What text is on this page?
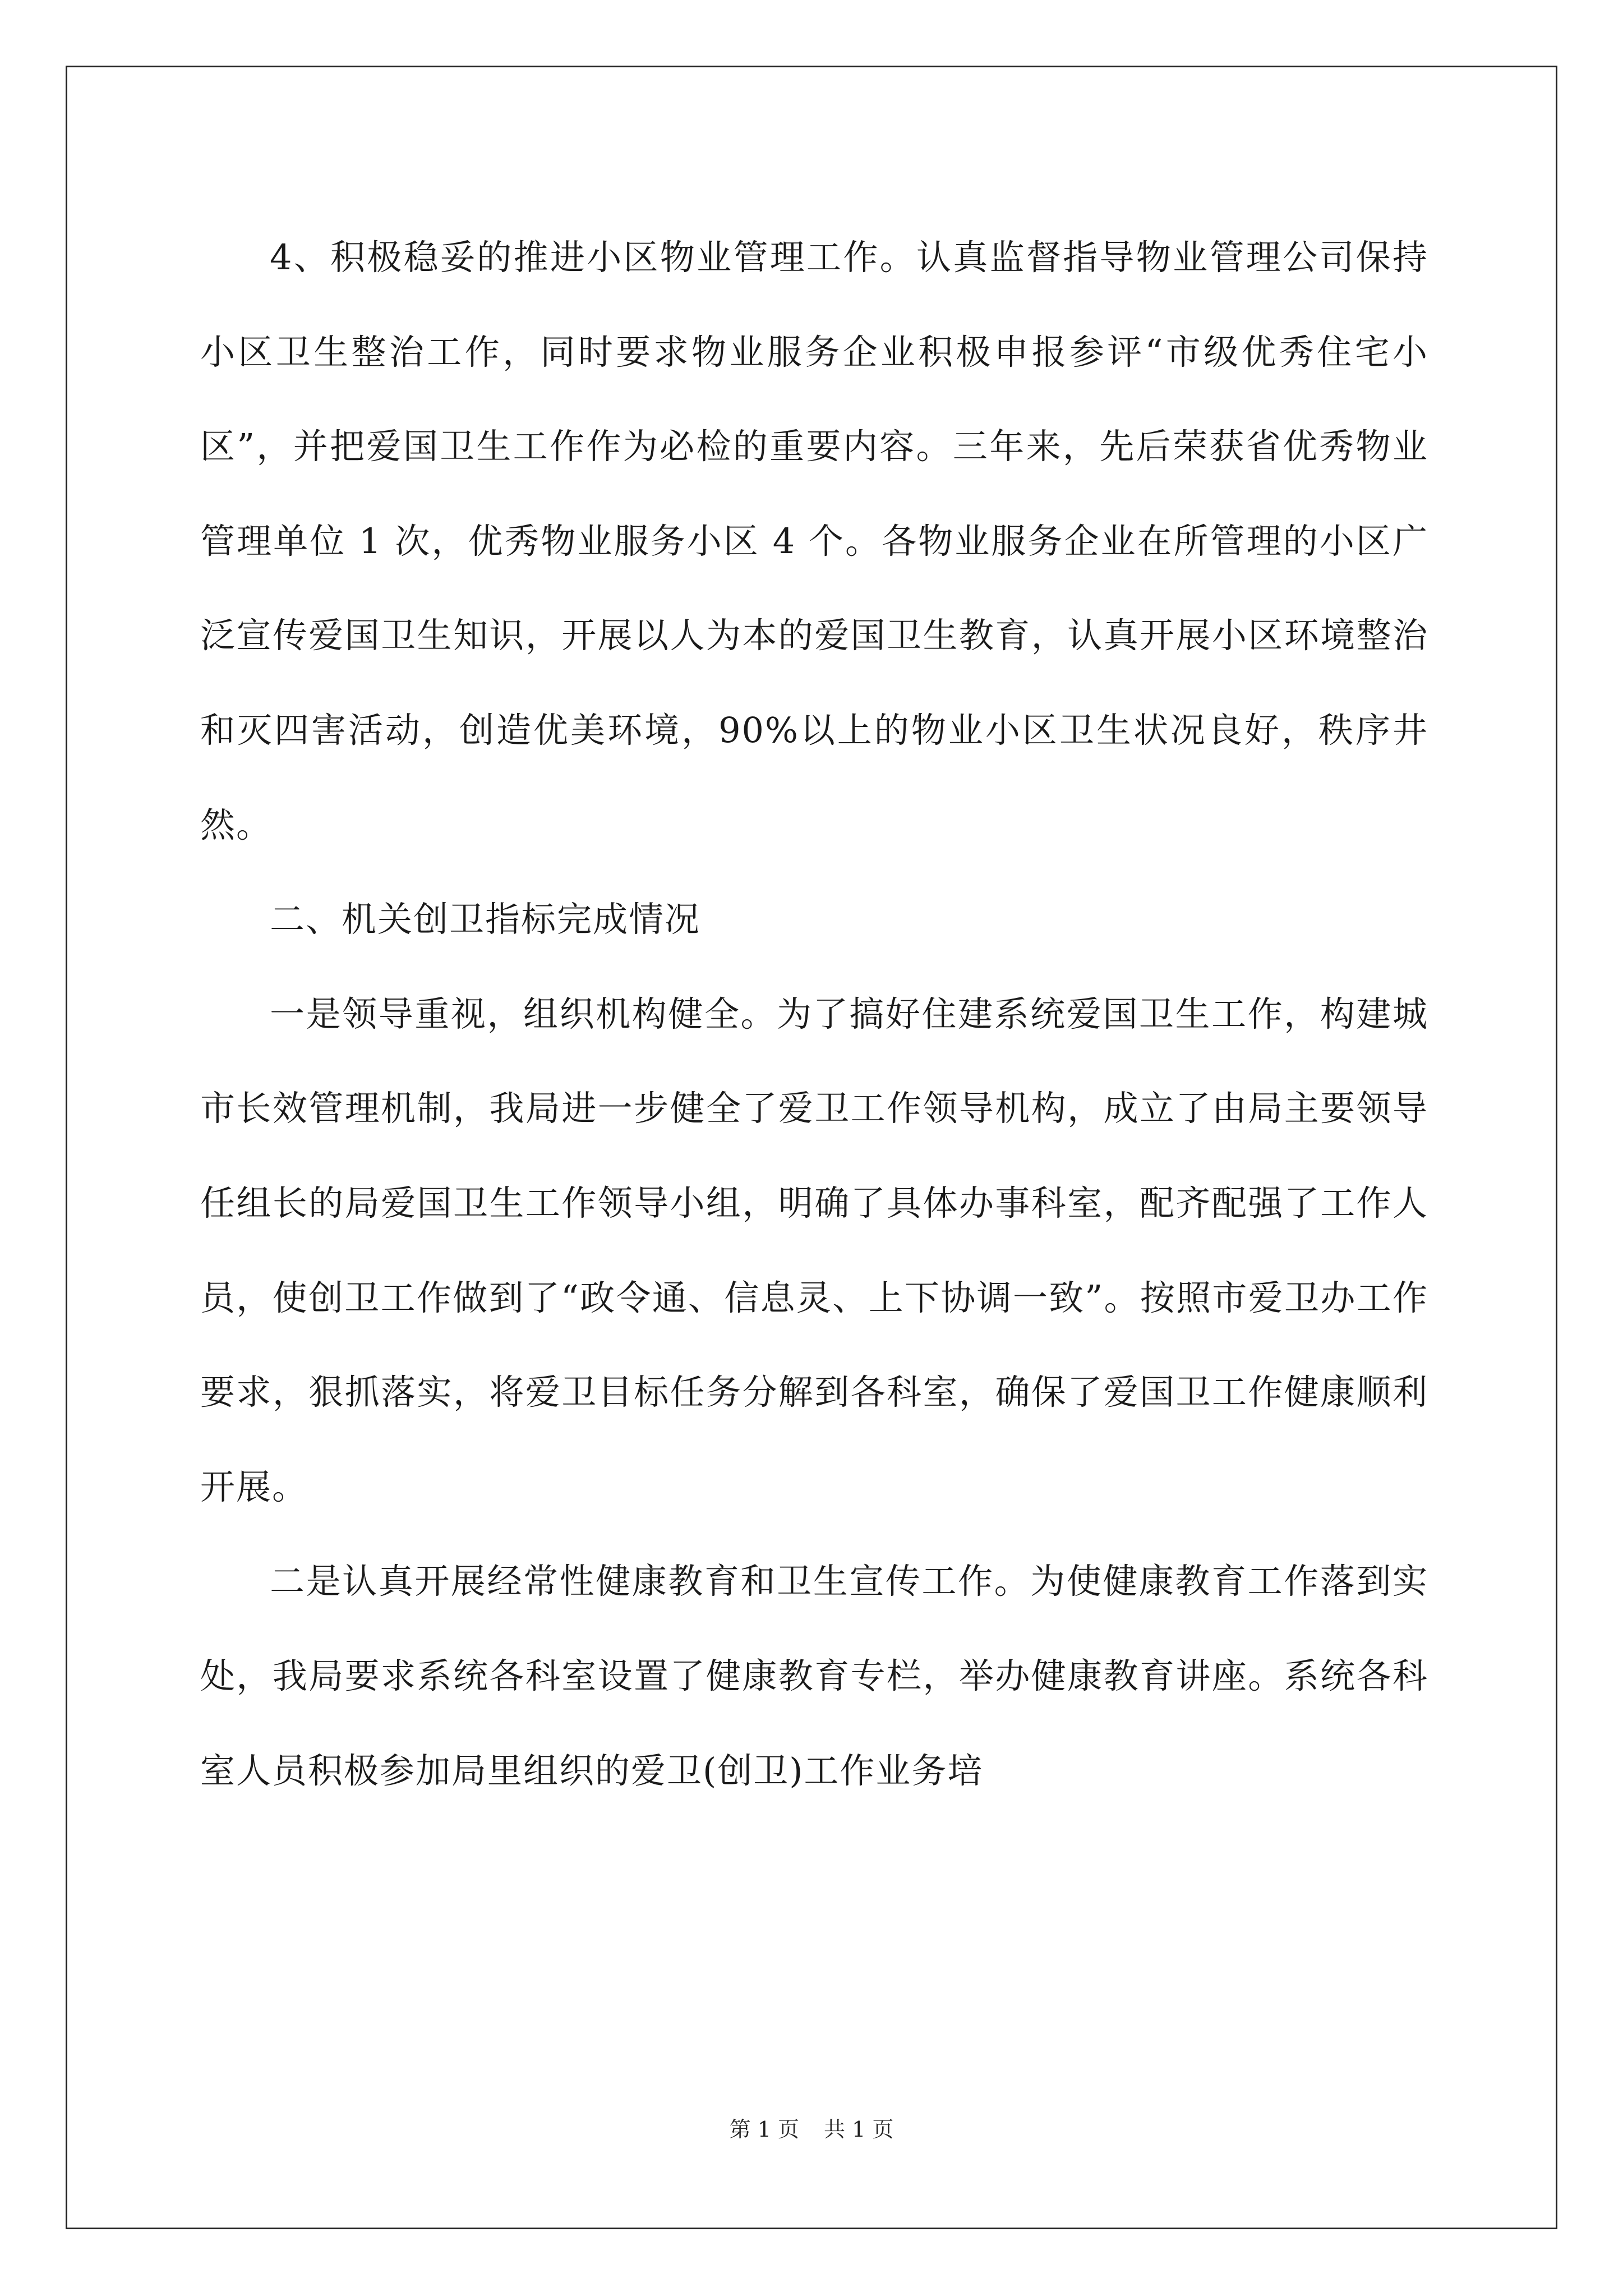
4、积极稳妥的推进小区物业管理工作。认真监督指导物业管理公司保持小区卫生整治工作，同时要求物业服务企业积极申报参评“市级优秀住宅小区”，并把爱国卫生工作作为必检的重要内容。三年来，先后荣获省优秀物业管理单位 1 次，优秀物业服务小区 4 个。各物业服务企业在所管理的小区广泛宣传爱国卫生知识，开展以人为本的爱国卫生教育，认真开展小区环境整治和灭四害活动，创造优美环境，90%以上的物业小区卫生状况良好，秩序井然。

二、机关创卫指标完成情况

一是领导重视，组织机构健全。为了搞好住建系统爱国卫生工作，构建城市长效管理机制，我局进一步健全了爱卫工作领导机构，成立了由局主要领导任组长的局爱国卫生工作领导小组，明确了具体办事科室，配齐配强了工作人员，使创卫工作做到了“政令通、信息灵、上下协调一致”。按照市爱卫办工作要求，狠抓落实，将爱卫目标任务分解到各科室，确保了爱国卫工作健康顺利开展。

二是认真开展经常性健康教育和卫生宣传工作。为使健康教育工作落到实处，我局要求系统各科室设置了健康教育专栏，举办健康教育讲座。系统各科室人员积极参加局里组织的爱卫(创卫)工作业务培

第 1 页 共 1 页
